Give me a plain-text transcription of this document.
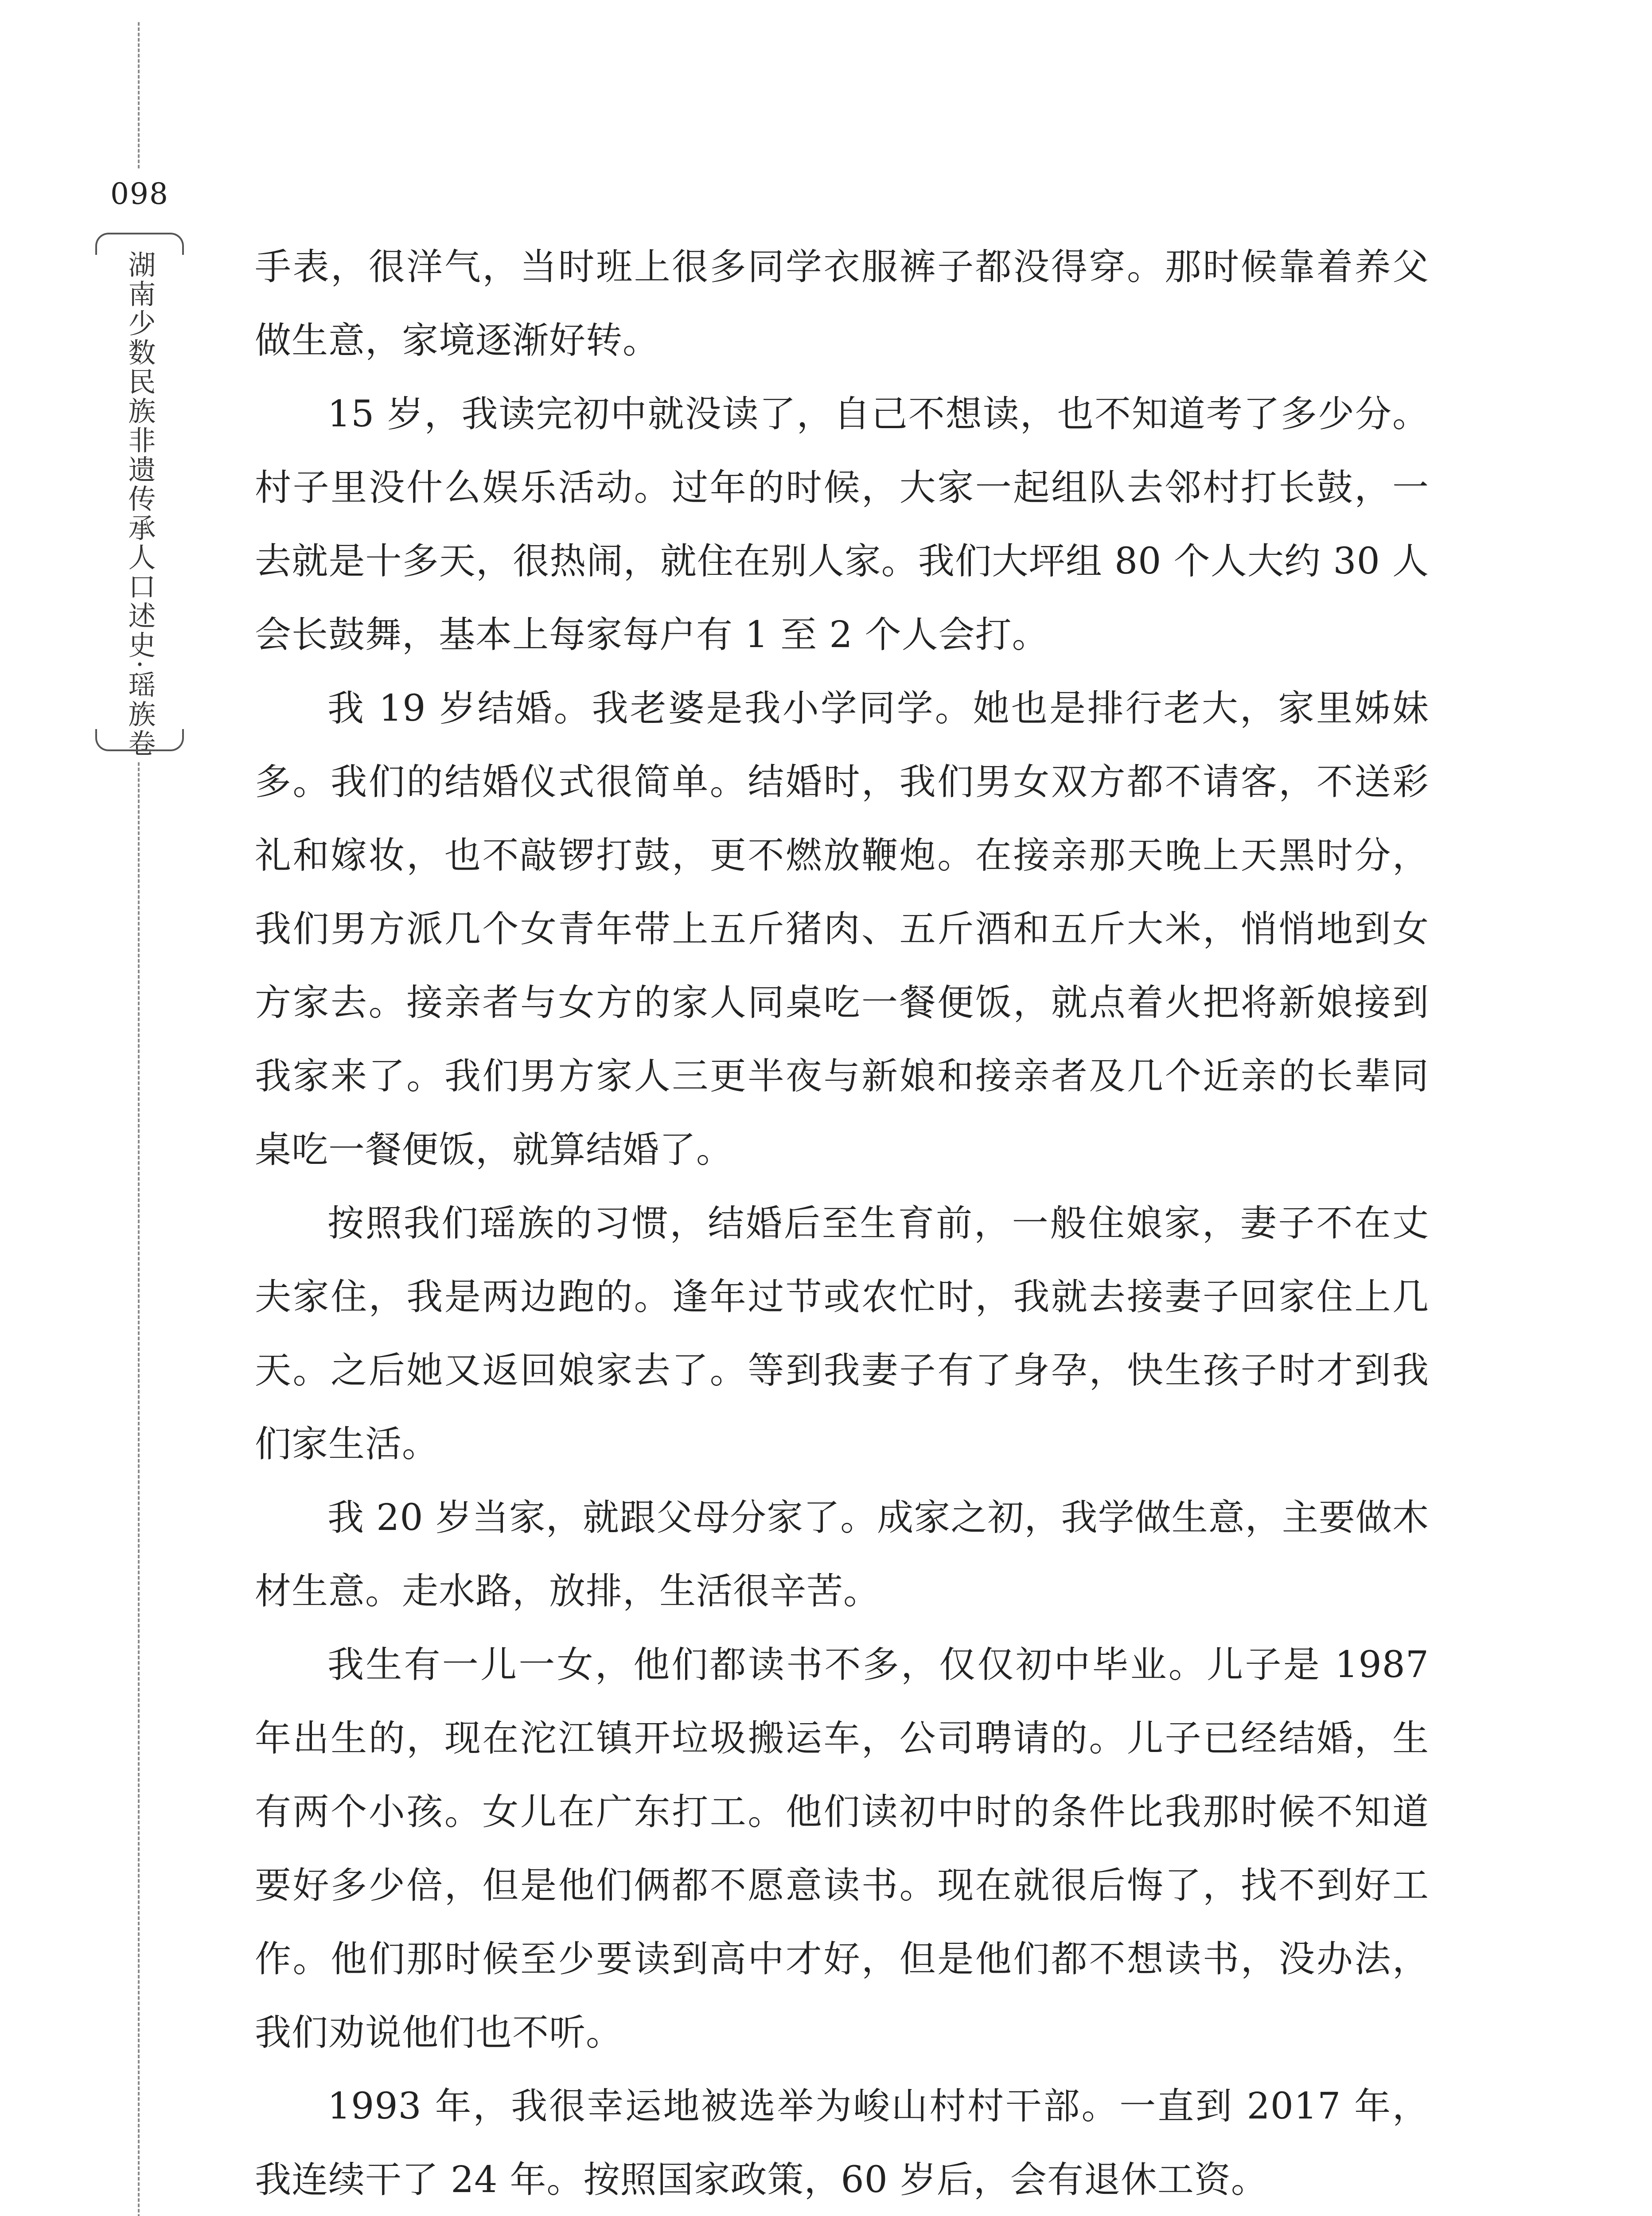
098
湖南少数民族非遗传承人口述史·瑶族卷	手表，很洋气，当时班上很多同学衣服裤子都没得穿。那时候靠着养父做生意，家境逐渐好转。

15 岁，我读完初中就没读了，自己不想读，也不知道考了多少分。村子里没什么娱乐活动。过年的时候，大家一起组队去邻村打长鼓，一去就是十多天，很热闹，就住在别人家。我们大坪组 80 个人大约 30 人会长鼓舞，基本上每家每户有 1 至 2 个人会打。

我 19 岁结婚。我老婆是我小学同学。她也是排行老大，家里姊妹多。我们的结婚仪式很简单。结婚时，我们男女双方都不请客，不送彩礼和嫁妆，也不敲锣打鼓，更不燃放鞭炮。在接亲那天晚上天黑时分，我们男方派几个女青年带上五斤猪肉、五斤酒和五斤大米，悄悄地到女方家去。接亲者与女方的家人同桌吃一餐便饭，就点着火把将新娘接到我家来了。我们男方家人三更半夜与新娘和接亲者及几个近亲的长辈同桌吃一餐便饭，就算结婚了。

按照我们瑶族的习惯，结婚后至生育前，一般住娘家，妻子不在丈夫家住，我是两边跑的。逢年过节或农忙时，我就去接妻子回家住上几天。之后她又返回娘家去了。等到我妻子有了身孕，快生孩子时才到我们家生活。

我 20 岁当家，就跟父母分家了。成家之初，我学做生意，主要做木材生意。走水路，放排，生活很辛苦。

我生有一儿一女，他们都读书不多，仅仅初中毕业。儿子是 1987 年出生的，现在沱江镇开垃圾搬运车，公司聘请的。儿子已经结婚，生有两个小孩。女儿在广东打工。他们读初中时的条件比我那时候不知道要好多少倍，但是他们俩都不愿意读书。现在就很后悔了，找不到好工作。他们那时候至少要读到高中才好，但是他们都不想读书，没办法，我们劝说他们也不听。

1993 年，我很幸运地被选举为峻山村村干部。一直到 2017 年，我连续干了 24 年。按照国家政策，60 岁后，会有退休工资。
